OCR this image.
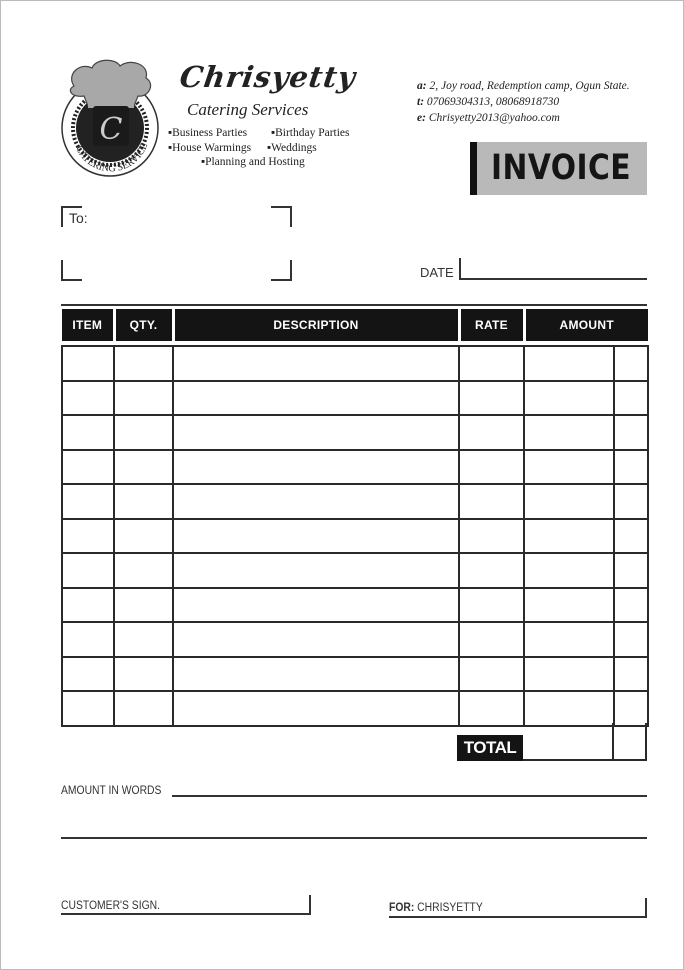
C
CATERING SERVICE
Chrisyetty
Catering Services
▪Business Parties ▪Birthday Parties
▪House Warmings ▪Weddings
▪Planning and Hosting
a: 2, Joy road, Redemption camp, Ogun State.
t: 07069304313, 08068918730
e: Chrisyetty2013@yahoo.com
INVOICE
To:
DATE
ITEM	QTY.	DESCRIPTION	RATE	AMOUNT	

TOTAL N
AMOUNT IN WORDS
CUSTOMER'S SIGN.	FOR: CHRISYETTY
